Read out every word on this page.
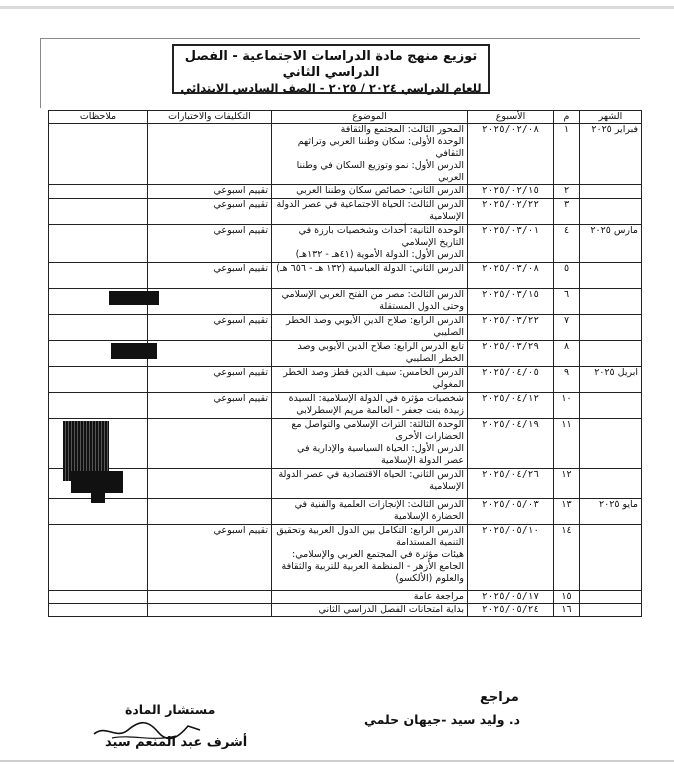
توزيع منهج مادة الدراسات الاجتماعية - الفصل الدراسي الثاني
للعام الدراسي ٢٠٢٤ / ٢٠٢٥ - الصف السادس الابتدائي
الشهر	م	الأسبوع	الموضوع	التكليفات والاختبارات	ملاحظات
فبراير ٢٠٢٥	١	٢٠٢٥/٠٢/٠٨	المحور الثالث: المجتمع والثقافة
الوحدة الأولى: سكان وطننا العربي وتراثهم الثقافي
الدرس الأول: نمو وتوزيع السكان في وطننا العربي		

	٢	٢٠٢٥/٠٢/١٥	الدرس الثاني: خصائص سكان وطننا العربي	تقييم اسبوعي	
	٣	٢٠٢٥/٠٢/٢٢	الدرس الثالث: الحياة الاجتماعية في عصر الدولة الإسلامية	تقييم اسبوعي	
مارس ٢٠٢٥	٤	٢٠٢٥/٠٣/٠١	الوحدة الثانية: أحداث وشخصيات بارزة في التاريخ الإسلامي
الدرس الأول: الدولة الأموية (٤١هـ - ١٣٢هـ)	تقييم اسبوعي	
	٥	٢٠٢٥/٠٣/٠٨	الدرس الثاني: الدولة العباسية (١٣٢ هـ - ٦٥٦ هـ)	تقييم اسبوعي	
	٦	٢٠٢٥/٠٣/١٥	الدرس الثالث: مصر من الفتح العربي الإسلامي وحتى الدول المستقلة		

	٧	٢٠٢٥/٠٣/٢٢	الدرس الرابع: صلاح الدين الأيوبي وصد الخطر الصليبي	تقييم اسبوعي	
	٨	٢٠٢٥/٠٣/٢٩	تابع الدرس الرابع: صلاح الدين الأيوبي وصد الخطر الصليبي		

ابريل ٢٠٢٥	٩	٢٠٢٥/٠٤/٠٥	الدرس الخامس: سيف الدين قطز وصد الخطر المغولي	تقييم اسبوعي	
	١٠	٢٠٢٥/٠٤/١٢	شخصيات مؤثرة في الدولة الإسلامية: السيدة زبيدة بنت جعفر - العالمة مريم الإسطرلابي	تقييم اسبوعي	
	١١	٢٠٢٥/٠٤/١٩	الوحدة الثالثة: التراث الإسلامي والتواصل مع الحضارات الأخرى
الدرس الأول: الحياة السياسية والإدارية في عصر الدولة الإسلامية		

	١٢	٢٠٢٥/٠٤/٢٦	الدرس الثاني: الحياة الاقتصادية في عصر الدولة الإسلامية		

مايو ٢٠٢٥	١٣	٢٠٢٥/٠٥/٠٣	الدرس الثالث: الإنجازات العلمية والفنية في الحضارة الإسلامية		

	١٤	٢٠٢٥/٠٥/١٠	الدرس الرابع: التكامل بين الدول العربية وتحقيق التنمية المستدامة
هيئات مؤثرة في المجتمع العربي والإسلامي:
الجامع الأزهر - المنظمة العربية للتربية والثقافة والعلوم (الألكسو)	تقييم اسبوعي	
	١٥	٢٠٢٥/٠٥/١٧	مراجعة عامة		

	١٦	٢٠٢٥/٠٥/٢٤	بداية امتحانات الفصل الدراسي الثاني		

مراجع
د. وليد سيد -جيهان حلمي
مستشار المادة
أشرف عبد المنعم سيد
